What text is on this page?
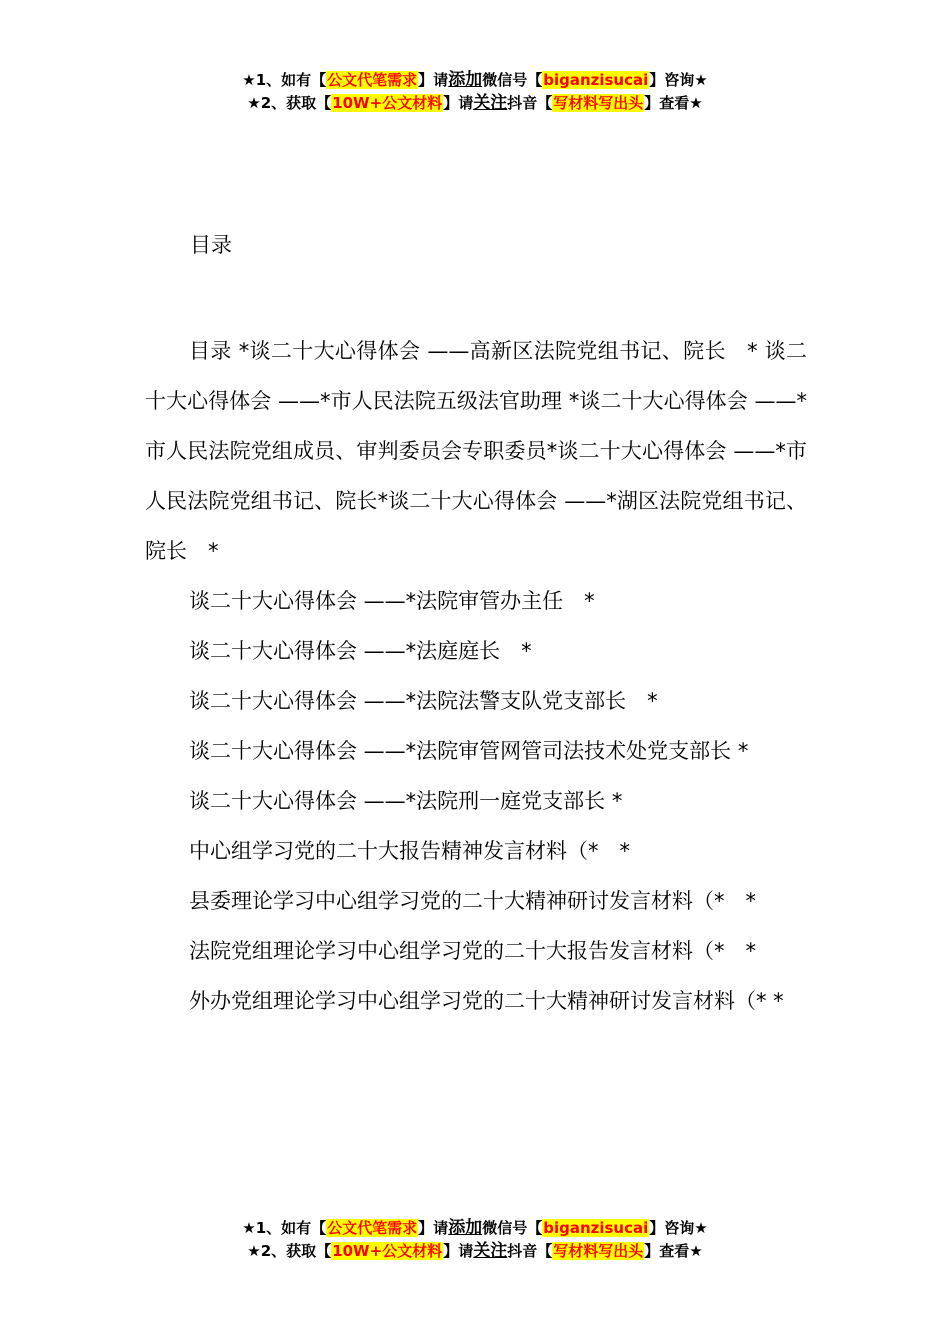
★1、如有【公文代笔需求】请添加微信号【biganzisucai】咨询★
★2、获取【10W+公文材料】请关注抖音【写材料写出头】查看★
目录

目录 *谈二十大心得体会 ——高新区法院党组书记、院长　* 谈二十大心得体会 ——*市人民法院五级法官助理 *谈二十大心得体会 ——*市人民法院党组成员、审判委员会专职委员*谈二十大心得体会 ——*市人民法院党组书记、院长*谈二十大心得体会 ——*湖区法院党组书记、院长　*

谈二十大心得体会 ——*法院审管办主任　*
谈二十大心得体会 ——*法庭庭长　*
谈二十大心得体会 ——*法院法警支队党支部长　*
谈二十大心得体会 ——*法院审管网管司法技术处党支部长 *
谈二十大心得体会 ——*法院刑一庭党支部长 *
中心组学习党的二十大报告精神发言材料（*　*
县委理论学习中心组学习党的二十大精神研讨发言材料（*　*
法院党组理论学习中心组学习党的二十大报告发言材料（*　*
外办党组理论学习中心组学习党的二十大精神研讨发言材料（* *
★1、如有【公文代笔需求】请添加微信号【biganzisucai】咨询★
★2、获取【10W+公文材料】请关注抖音【写材料写出头】查看★
